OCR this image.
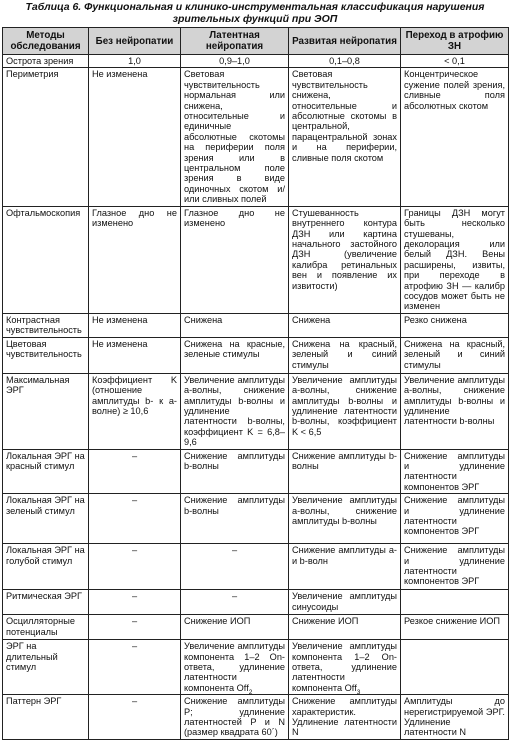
Таблица 6. Функциональная и клинико-инструментальная классификация нарушения
зрительных функций при ЭОП
Методы обследования	Без нейропатии	Латентная нейропатия	Развитая нейропатия	Переход в атрофию ЗН
Острота зрения	1,0	0,9–1,0	0,1–0,8	< 0,1
Периметрия	Не изменена	Световая чувствительность нормальная или снижена, относительные и единичные абсолютные скотомы на периферии поля зрения или в центральном поле зрения в виде одиночных скотом и/или сливных полей	Световая чувствительность снижена, относительные и абсолютные скотомы в центральной, парацентральной зонах и на периферии, сливные поля скотом	Концентрическое сужение полей зрения, сливные поля абсолютных скотом
Офтальмоскопия	Глазное дно не изменено	Глазное дно не изменено	Стушеванность внутреннего контура ДЗН или картина начального застойного ДЗН (увеличение калибра ретинальных вен и появление их извитости)	Границы ДЗН могут быть несколько стушеваны, деколорация или белый ДЗН. Вены расширены, извиты, при переходе в атрофию ЗН — калибр сосудов может быть не изменен
Контрастная чувствительность	Не изменена	Снижена	Снижена	Резко снижена
Цветовая чувствительность	Не изменена	Снижена на красные, зеленые стимулы	Снижена на красный, зеленый и синий стимулы	Снижена на красный, зеленый и синий стимулы
Максимальная ЭРГ	Коэффициент K (отношение амплитуды b- к a-волне) ≥ 10,6	Увеличение амплитуды a-волны, снижение амплитуды b-волны и удлинение латентности b-волны, коэффициент K = 6,8–9,6	Увеличение амплитуды a-волны, снижение амплитуды b-волны и удлинение латентности b-волны, коэффициент K < 6,5	Увеличение амплитуды a-волны, снижение амплитуды b-волны и удлинение латентности b-волны
Локальная ЭРГ на красный стимул	–	Снижение амплитуды b-волны	Снижение амплитуды b-волны	Снижение амплитуды и удлинение латентности компонентов ЭРГ
Локальная ЭРГ на зеленый стимул	–	Снижение амплитуды b-волны	Увеличение амплитуды a-волны, снижение амплитуды b-волны	Снижение амплитуды и удлинение латентности компонентов ЭРГ
Локальная ЭРГ на голубой стимул	–	–	Снижение амплитуды a- и b-волн	Снижение амплитуды и удлинение латентности компонентов ЭРГ
Ритмическая ЭРГ	–	–	Увеличение амплитуды синусоиды	
Осцилляторные потенциалы	–	Снижение ИОП	Снижение ИОП	Резкое снижение ИОП
ЭРГ на длительный стимул	–	Увеличение амплитуды компонента 1–2 On-ответа, удлинение латентности компонента Off$_2$	Увеличение амплитуды компонента 1–2 On-ответа, удлинение латентности компонента Off$_3$	
Паттерн ЭРГ	–	Снижение амплитуды P; удлинение латентностей P и N (размер квадрата 60´)	Снижение амплитуды характеристик. Удлинение латентности N	Амплитуды до нерегистрируемой ЭРГ. Удлинение латентности N
